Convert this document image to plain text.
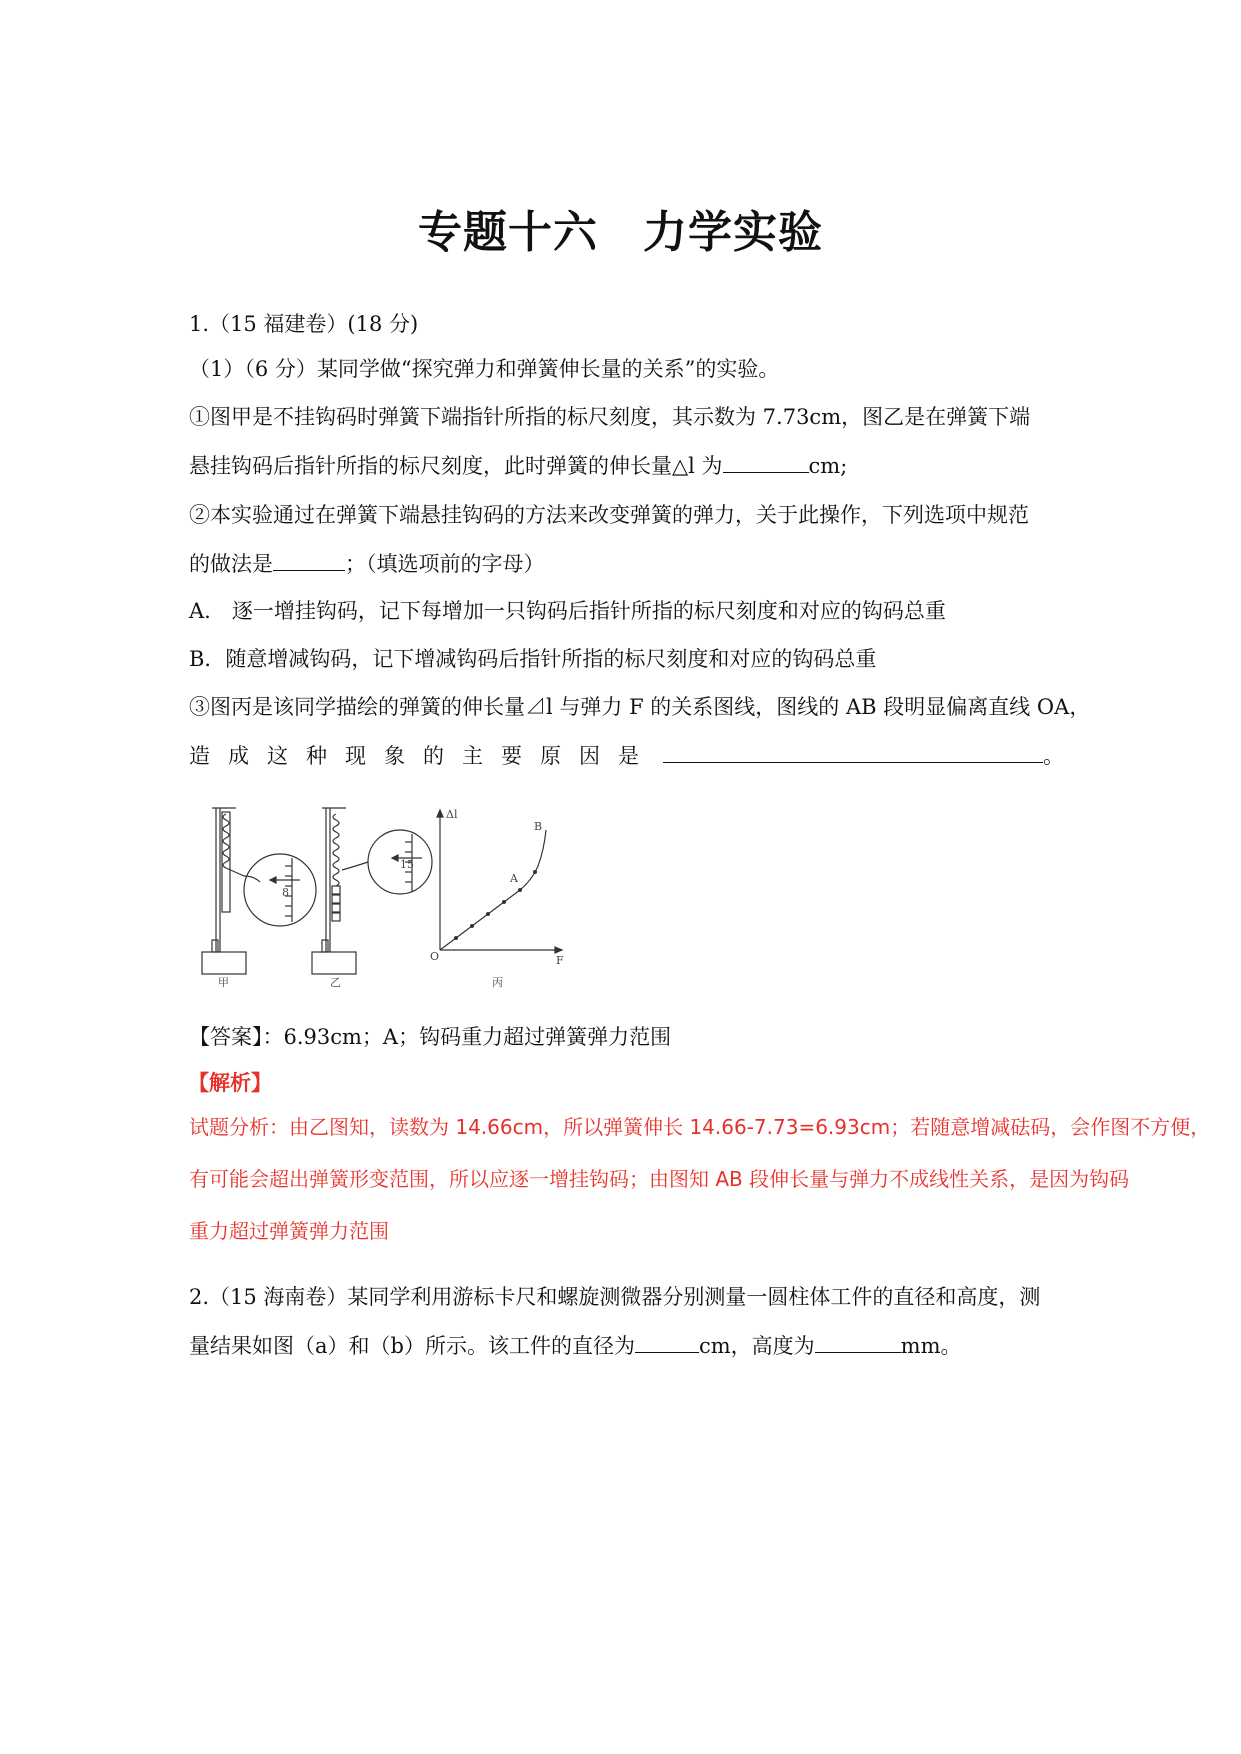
专题十六　力学实验
1.（15 福建卷）(18 分)
（1）（6 分）某同学做“探究弹力和弹簧伸长量的关系”的实验。
①图甲是不挂钩码时弹簧下端指针所指的标尺刻度，其示数为 7.73cm，图乙是在弹簧下端
悬挂钩码后指针所指的标尺刻度，此时弹簧的伸长量△l 为	cm;
②本实验通过在弹簧下端悬挂钩码的方法来改变弹簧的弹力，关于此操作，下列选项中规范
的做法是	；（填选项前的字母）
A.　逐一增挂钩码，记下每增加一只钩码后指针所指的标尺刻度和对应的钩码总重
B．随意增减钩码，记下增减钩码后指针所指的标尺刻度和对应的钩码总重
③图丙是该同学描绘的弹簧的伸长量⊿l 与弹力 F 的关系图线，图线的 AB 段明显偏离直线 OA，
造成这种现象的主要原因是	。
8
15
Δl
F
O
A
B
甲	乙	丙
【答案】：6.93cm；A；钩码重力超过弹簧弹力范围
【解析】
试题分析：由乙图知，读数为 14.66cm，所以弹簧伸长 14.66-7.73=6.93cm；若随意增减砝码，会作图不方便，
有可能会超出弹簧形变范围，所以应逐一增挂钩码；由图知 AB 段伸长量与弹力不成线性关系，是因为钩码
重力超过弹簧弹力范围
2.（15 海南卷）某同学利用游标卡尺和螺旋测微器分别测量一圆柱体工件的直径和高度，测
量结果如图（a）和（b）所示。该工件的直径为	cm，高度为	mm。
